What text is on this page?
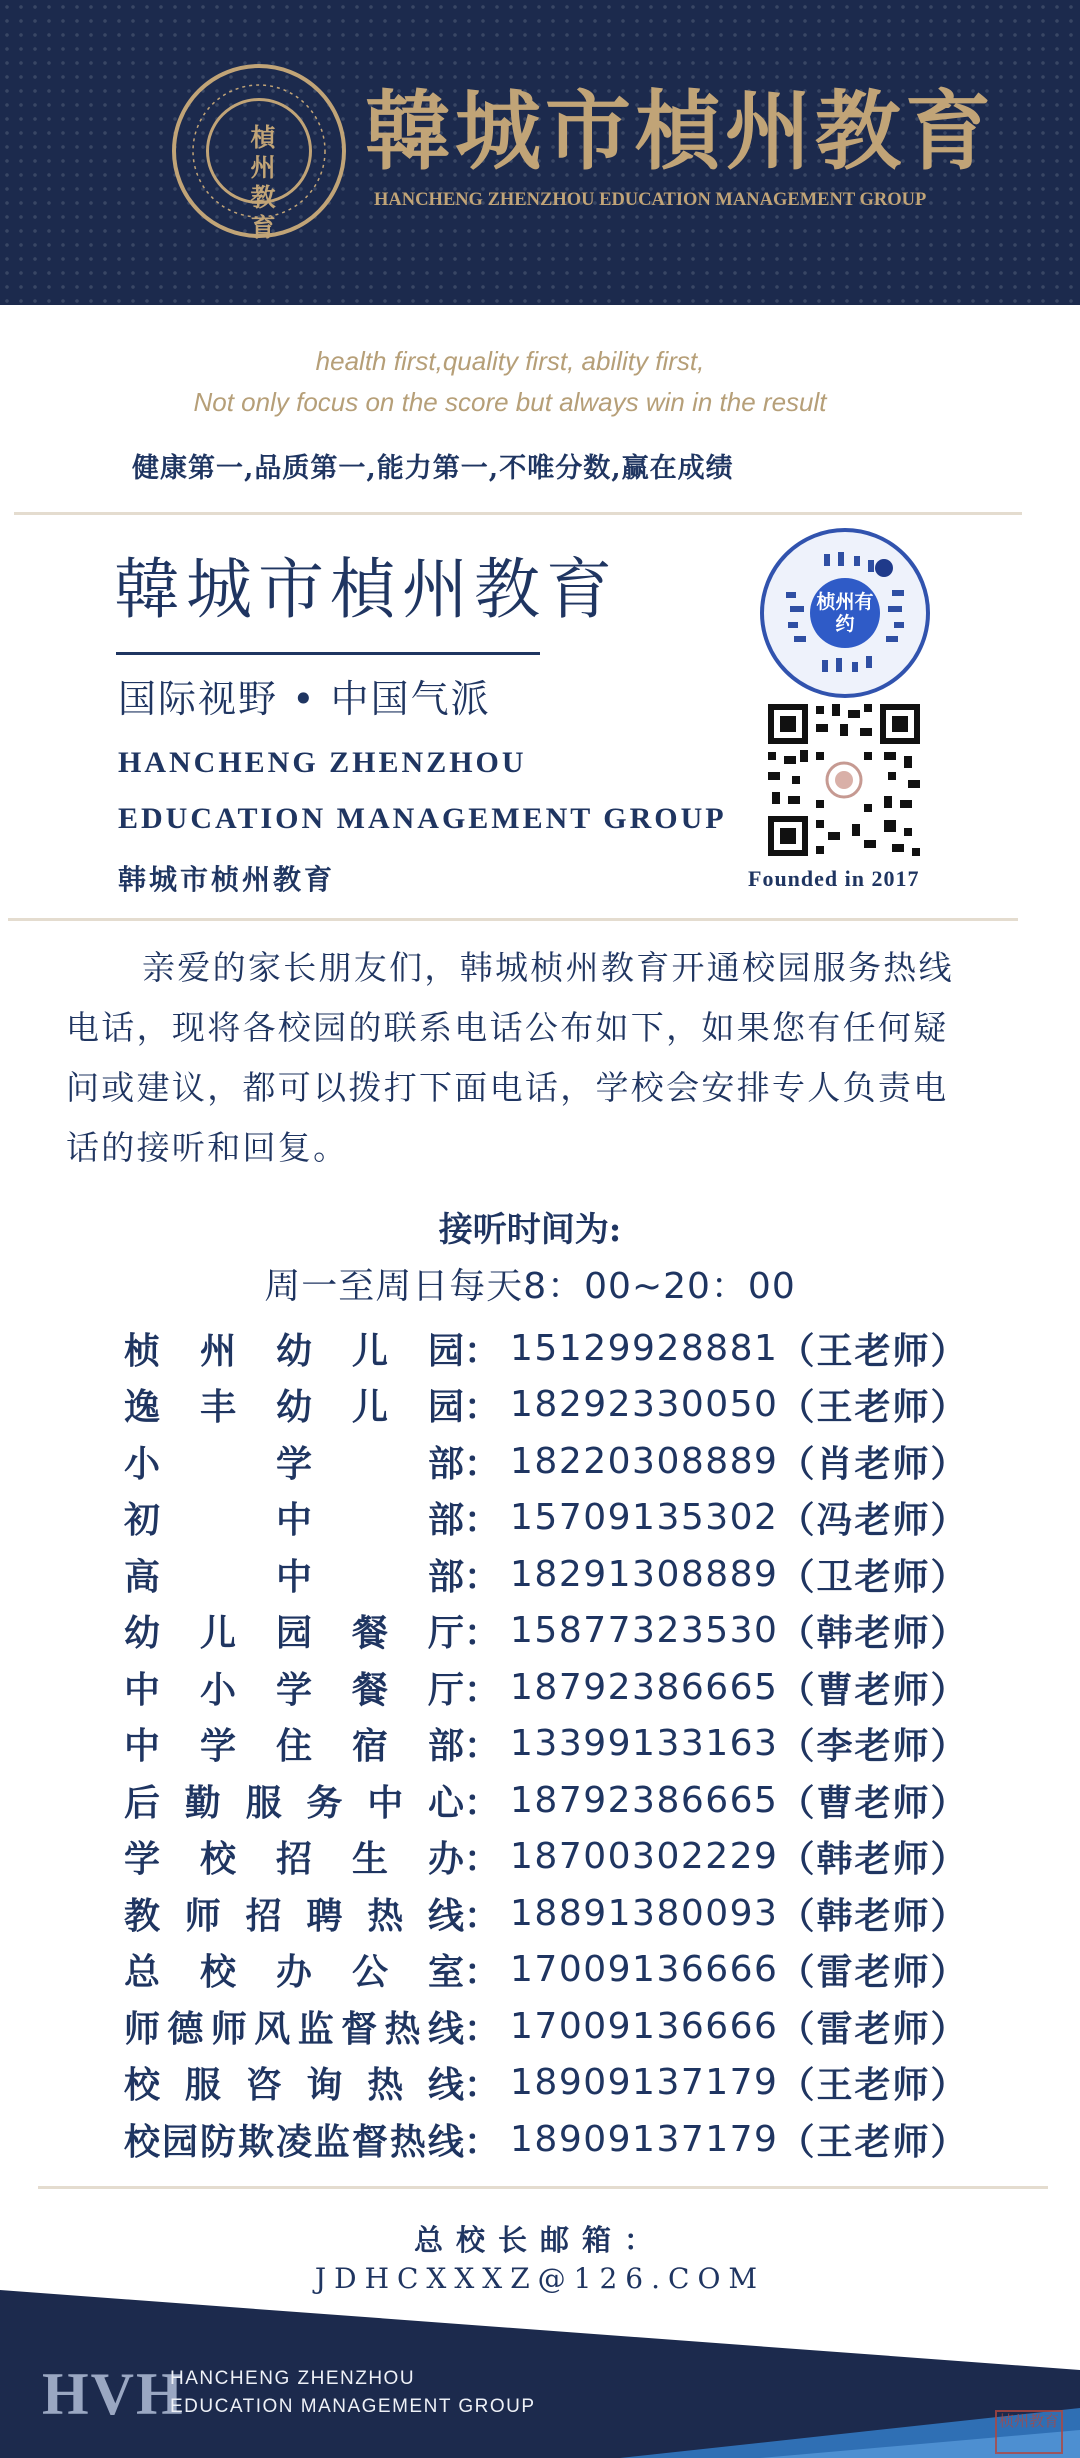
楨州教育
韓城市楨州教育
HANCHENG ZHENZHOU EDUCATION MANAGEMENT GROUP
health first,quality first, ability first,
Not only focus on the score but always win in the result
健康第一,品质第一,能力第一,不唯分数,赢在成绩
韓城市楨州教育
国际视野 • 中国气派
HANCHENG ZHENZHOU
EDUCATION MANAGEMENT GROUP
韩城市桢州教育
桢州有约
Founded in 2017
亲爱的家长朋友们，韩城桢州教育开通校园服务热线电话，现将各校园的联系电话公布如下，如果您有任何疑问或建议，都可以拨打下面电话，学校会安排专人负责电话的接听和回复。
接听时间为:
周一至周日每天8：00~20：00
桢 州 幼 儿 园 ： 15129928881 （王老师）
逸 丰 幼 儿 园 ： 18292330050 （王老师）
小	学	部 ： 18220308889 （肖老师）
初	中	部 ： 15709135302 （冯老师）
高	中	部 ： 18291308889 （卫老师）
幼 儿 园 餐 厅 ： 15877323530 （韩老师）
中 小 学 餐 厅 ： 18792386665 （曹老师）
中 学 住 宿 部 ： 13399133163 （李老师）
后 勤 服 务 中 心 ： 18792386665 （曹老师）
学 校 招 生 办 ： 18700302229 （韩老师）
教 师 招 聘 热 线 ： 18891380093 （韩老师）
总 校 办 公 室 ： 17009136666 （雷老师）
师 德 师 风 监 督 热 线 ： 17009136666 （雷老师）
校 服 咨 询 热 线 ： 18909137179 （王老师）
校 园 防 欺 凌 监 督 热 线 ： 18909137179 （王老师）
总校长邮箱：
JDHCXXXZ@126.COM
HVH
HANCHENG ZHENZHOU
EDUCATION MANAGEMENT GROUP
桢州教育
